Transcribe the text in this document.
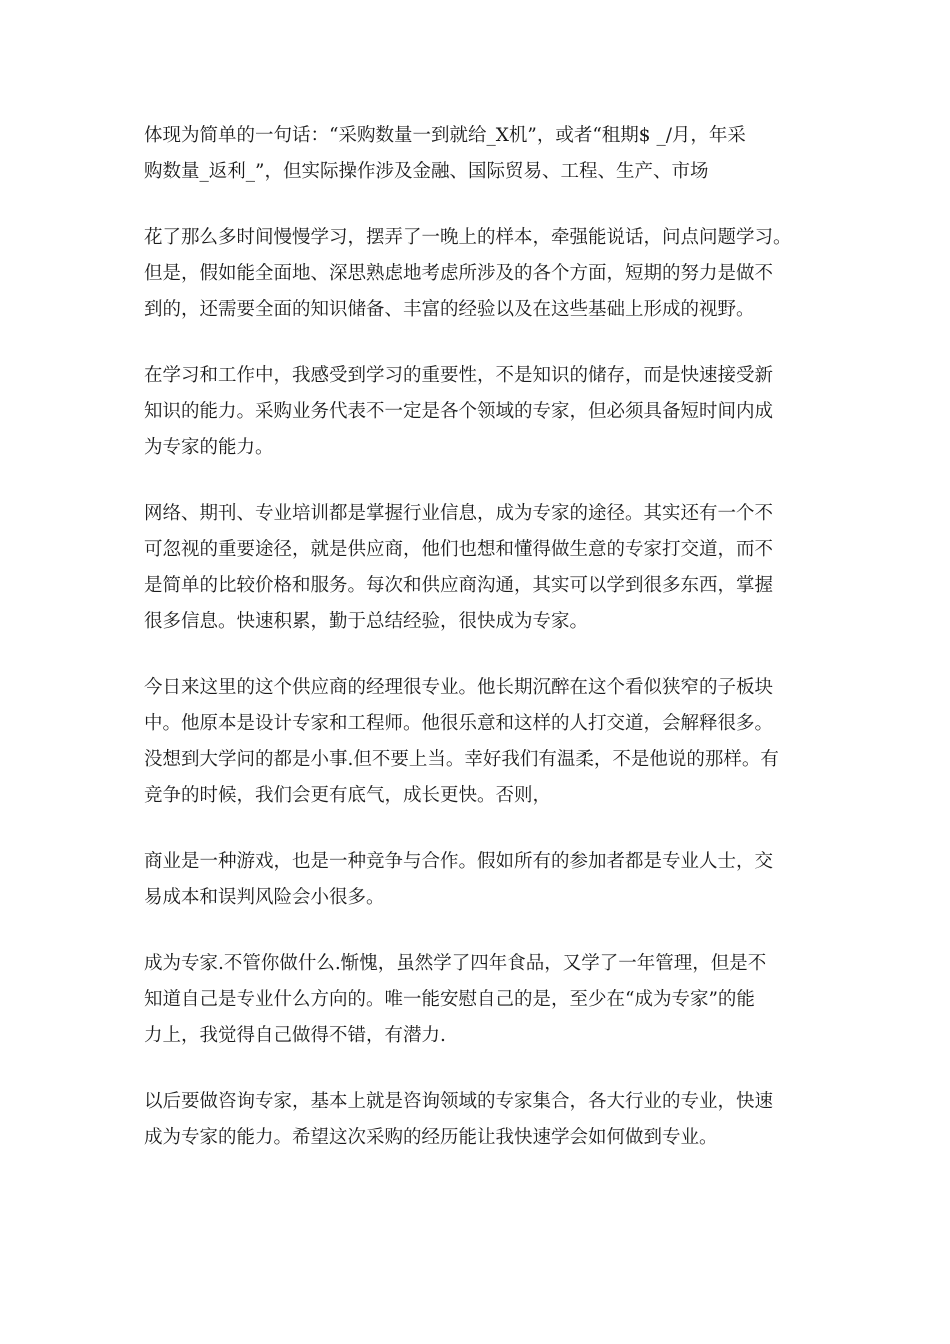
体现为简单的一句话：“采购数量一到就给_X机”，或者“租期$ _/月，年采
购数量_返利_”，但实际操作涉及金融、国际贸易、工程、生产、市场

花了那么多时间慢慢学习，摆弄了一晚上的样本，牵强能说话，问点问题学习。
但是，假如能全面地、深思熟虑地考虑所涉及的各个方面，短期的努力是做不
到的，还需要全面的知识储备、丰富的经验以及在这些基础上形成的视野。

在学习和工作中，我感受到学习的重要性，不是知识的储存，而是快速接受新
知识的能力。采购业务代表不一定是各个领域的专家，但必须具备短时间内成
为专家的能力。

网络、期刊、专业培训都是掌握行业信息，成为专家的途径。其实还有一个不
可忽视的重要途径，就是供应商，他们也想和懂得做生意的专家打交道，而不
是简单的比较价格和服务。每次和供应商沟通，其实可以学到很多东西，掌握
很多信息。快速积累，勤于总结经验，很快成为专家。

今日来这里的这个供应商的经理很专业。他长期沉醉在这个看似狭窄的子板块
中。他原本是设计专家和工程师。他很乐意和这样的人打交道，会解释很多。
没想到大学问的都是小事.但不要上当。幸好我们有温柔，不是他说的那样。有
竞争的时候，我们会更有底气，成长更快。否则，

商业是一种游戏，也是一种竞争与合作。假如所有的参加者都是专业人士，交
易成本和误判风险会小很多。

成为专家.不管你做什么.惭愧，虽然学了四年食品，又学了一年管理，但是不
知道自己是专业什么方向的。唯一能安慰自己的是，至少在“成为专家”的能
力上，我觉得自己做得不错，有潜力.

以后要做咨询专家，基本上就是咨询领域的专家集合，各大行业的专业，快速
成为专家的能力。希望这次采购的经历能让我快速学会如何做到专业。
